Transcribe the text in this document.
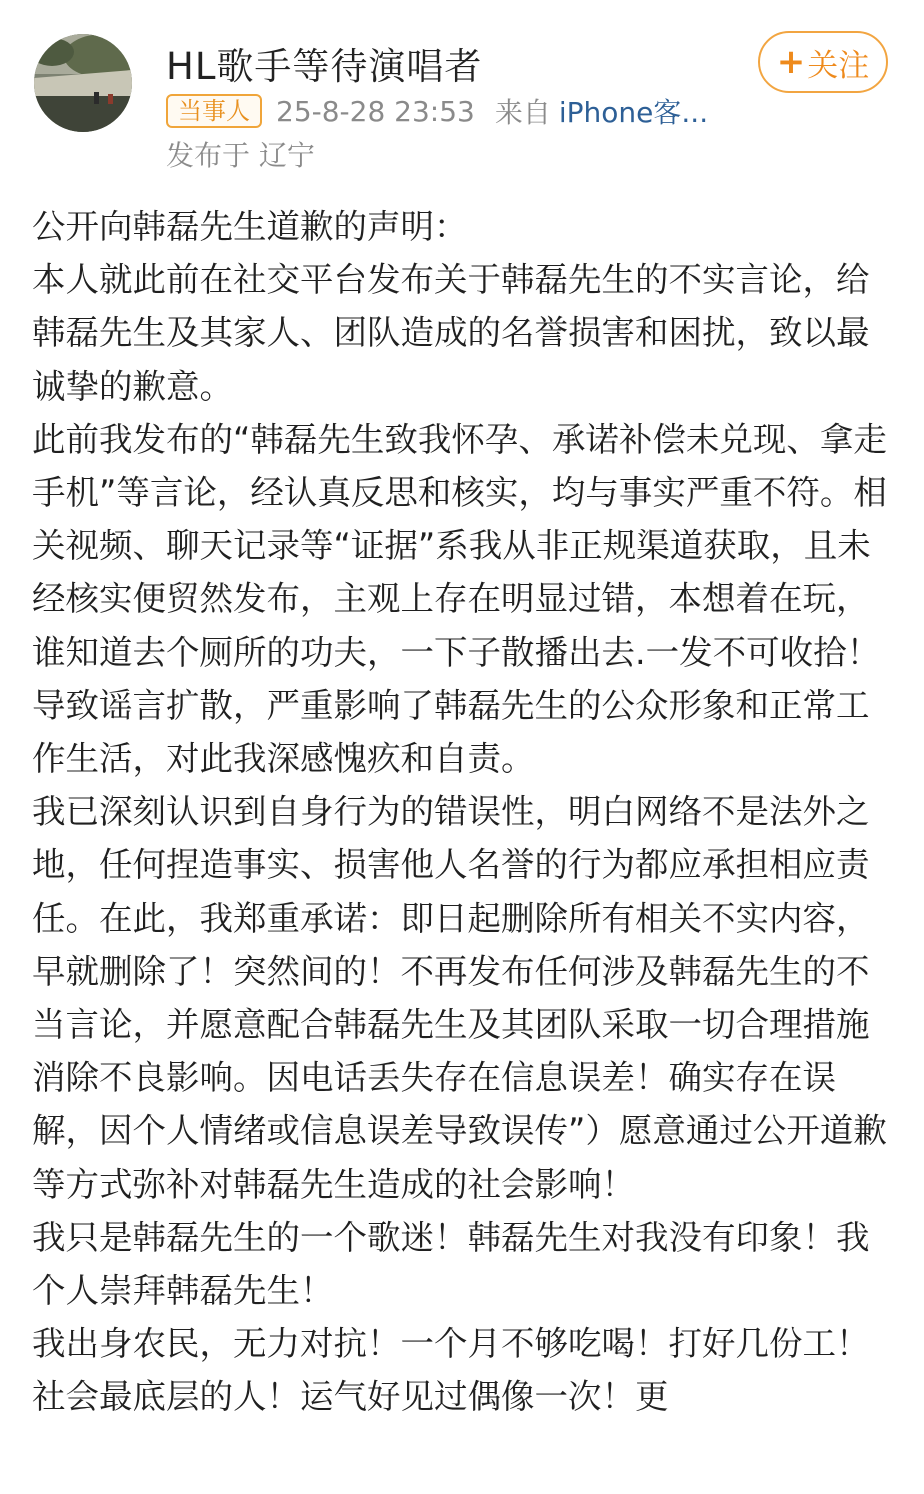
HL歌手等待演唱者
当事人 25-8-28 23:53 来自 iPhone客...
发布于 辽宁
+ 关注

公开向韩磊先生道歉的声明：

本人就此前在社交平台发布关于韩磊先生的不实言论，给韩磊先生及其家人、团队造成的名誉损害和困扰，致以最诚挚的歉意。

此前我发布的“韩磊先生致我怀孕、承诺补偿未兑现、拿走手机”等言论，经认真反思和核实，均与事实严重不符。相关视频、聊天记录等“证据”系我从非正规渠道获取，且未经核实便贸然发布，主观上存在明显过错，本想着在玩，谁知道去个厕所的功夫，一下子散播出去.一发不可收拾！导致谣言扩散，严重影响了韩磊先生的公众形象和正常工作生活，对此我深感愧疚和自责。

我已深刻认识到自身行为的错误性，明白网络不是法外之地，任何捏造事实、损害他人名誉的行为都应承担相应责任。在此，我郑重承诺：即日起删除所有相关不实内容，早就删除了！突然间的！不再发布任何涉及韩磊先生的不当言论，并愿意配合韩磊先生及其团队采取一切合理措施消除不良影响。因电话丢失存在信息误差！确实存在误解，因个人情绪或信息误差导致误传”）愿意通过公开道歉等方式弥补对韩磊先生造成的社会影响！

我只是韩磊先生的一个歌迷！韩磊先生对我没有印象！我个人崇拜韩磊先生！

我出身农民，无力对抗！一个月不够吃喝！打好几份工！社会最底层的人！运气好见过偶像一次！更
